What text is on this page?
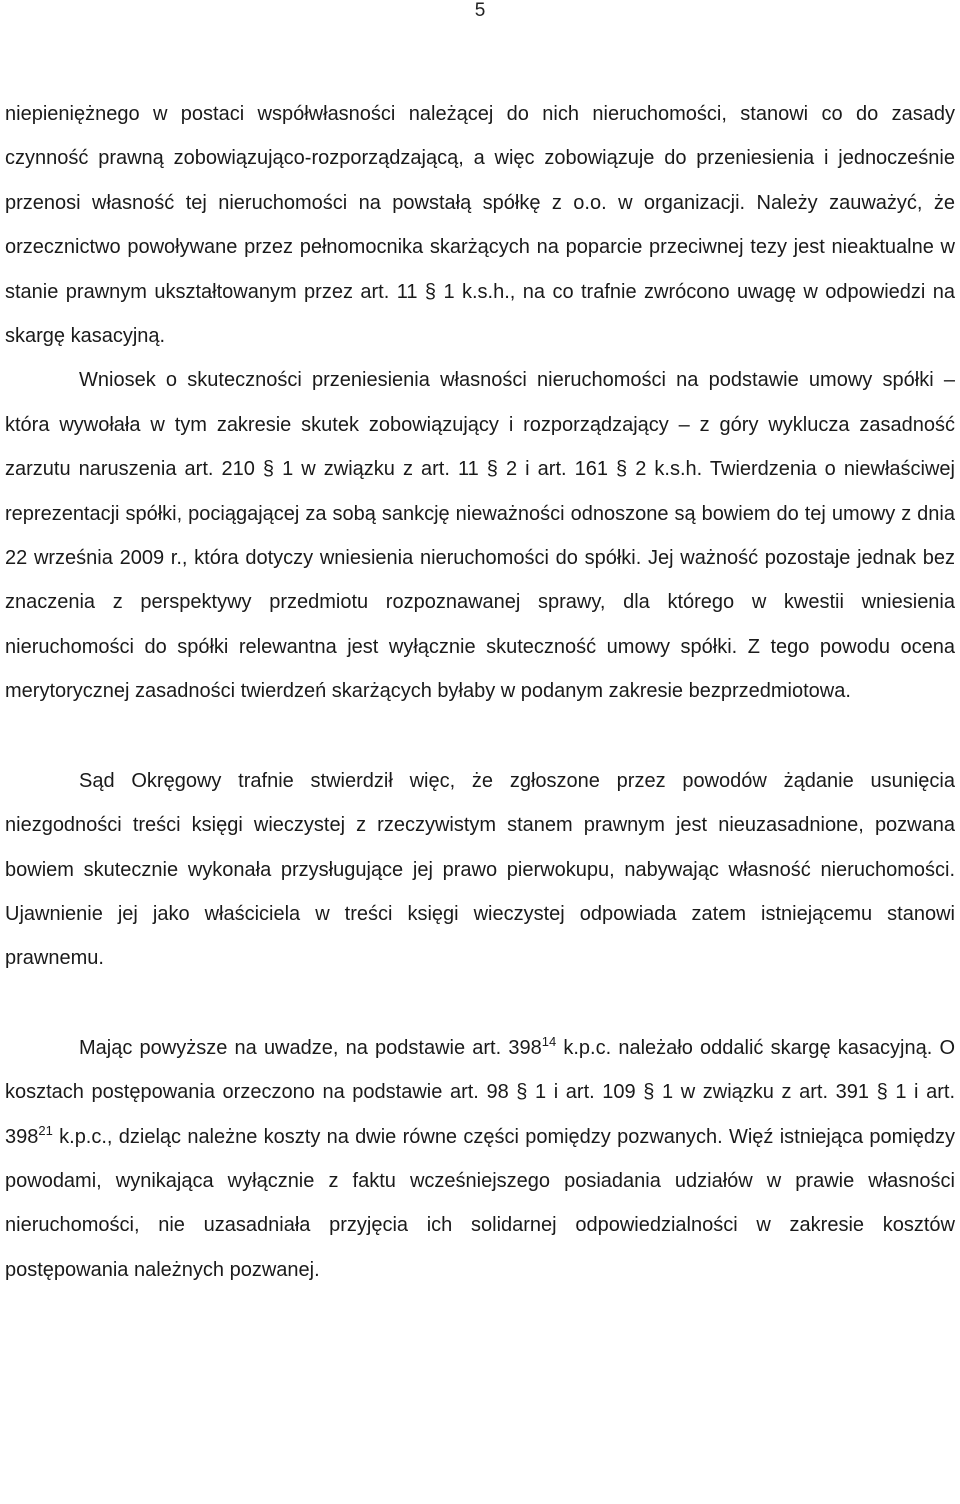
5

niepieniężnego w postaci współwłasności należącej do nich nieruchomości, stanowi co do zasady czynność prawną zobowiązująco-rozporządzającą, a więc zobowiązuje do przeniesienia i jednocześnie przenosi własność tej nieruchomości na powstałą spółkę z o.o. w organizacji. Należy zauważyć, że orzecznictwo powoływane przez pełnomocnika skarżących na poparcie przeciwnej tezy jest nieaktualne w stanie prawnym ukształtowanym przez art. 11 § 1 k.s.h., na co trafnie zwrócono uwagę w odpowiedzi na skargę kasacyjną.

Wniosek o skuteczności przeniesienia własności nieruchomości na podstawie umowy spółki – która wywołała w tym zakresie skutek zobowiązujący i rozporządzający – z góry wyklucza zasadność zarzutu naruszenia art. 210 § 1 w związku z art. 11 § 2 i art. 161 § 2 k.s.h. Twierdzenia o niewłaściwej reprezentacji spółki, pociągającej za sobą sankcję nieważności odnoszone są bowiem do tej umowy z dnia 22 września 2009 r., która dotyczy wniesienia nieruchomości do spółki. Jej ważność pozostaje jednak bez znaczenia z perspektywy przedmiotu rozpoznawanej sprawy, dla którego w kwestii wniesienia nieruchomości do spółki relewantna jest wyłącznie skuteczność umowy spółki. Z tego powodu ocena merytorycznej zasadności twierdzeń skarżących byłaby w podanym zakresie bezprzedmiotowa.

Sąd Okręgowy trafnie stwierdził więc, że zgłoszone przez powodów żądanie usunięcia niezgodności treści księgi wieczystej z rzeczywistym stanem prawnym jest nieuzasadnione, pozwana bowiem skutecznie wykonała przysługujące jej prawo pierwokupu, nabywając własność nieruchomości. Ujawnienie jej jako właściciela w treści księgi wieczystej odpowiada zatem istniejącemu stanowi prawnemu.

Mając powyższe na uwadze, na podstawie art. $398^{14}$ k.p.c. należało oddalić skargę kasacyjną. O kosztach postępowania orzeczono na podstawie art. 98 § 1 i art. 109 § 1 w związku z art. 391 § 1 i art. $398^{21}$ k.p.c., dzieląc należne koszty na dwie równe części pomiędzy pozwanych. Więź istniejąca pomiędzy powodami, wynikająca wyłącznie z faktu wcześniejszego posiadania udziałów w prawie własności nieruchomości, nie uzasadniała przyjęcia ich solidarnej odpowiedzialności w zakresie kosztów postępowania należnych pozwanej.
